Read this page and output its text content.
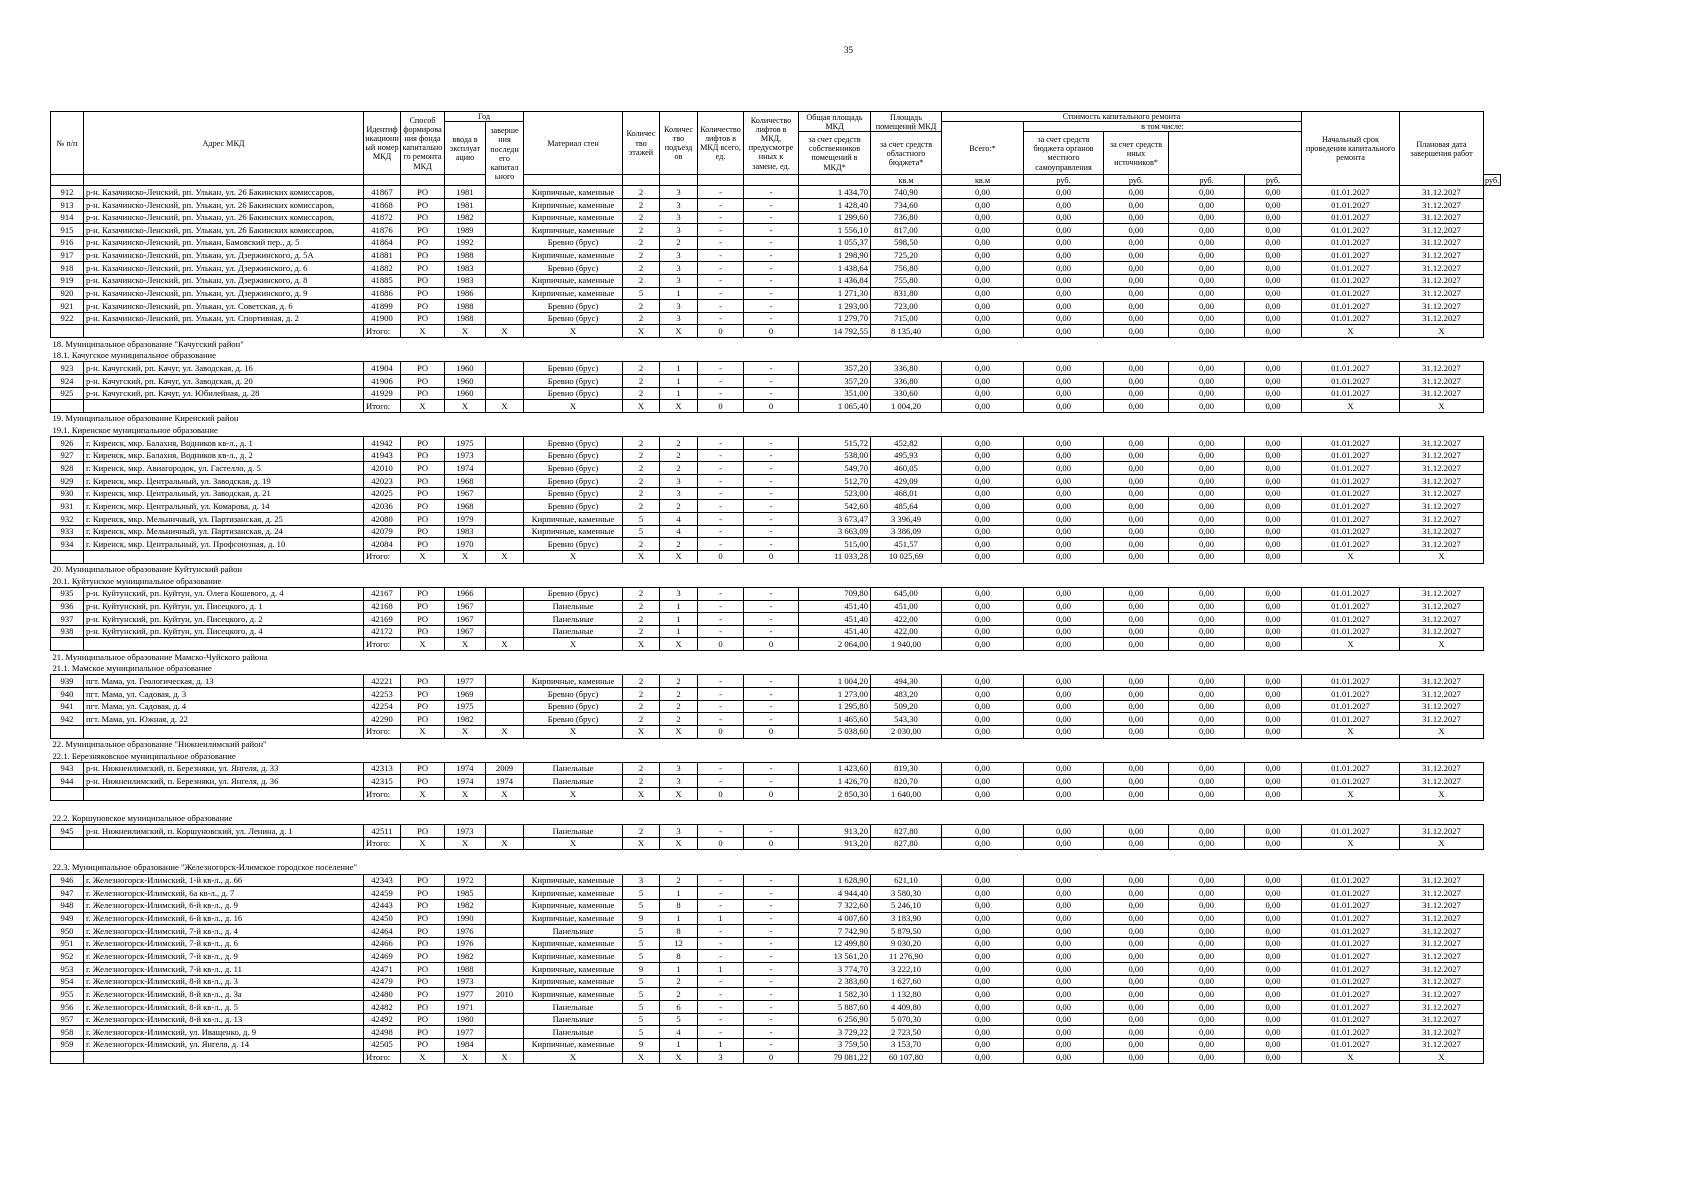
35
№ п/п	Адрес МКД	Идентиф икационн ый номер МКД	Способ формирова ния фонда капитально го ремонта МКД	Год		Материал стен	Количес тво этажей	Количес тво подъезд ов	Количество лифтов в МКД всего, ед.	Количество лифтов в МКД, предусмотре нных к замене, ед.	Общая площадь МКД	Площадь помещений МКД	Стоимость капитального ремонта					Начальный срок проведения капитального ремонта	Плановая дата завершения работ	
				ввода в эксплуат ацию	заверше ния последн его капитал ьного								Всего:*	в том числе:						
											за счет средств собственников помещений в МКД*	за счет средств областного бюджета*		за счет средств бюджета органов местного самоуправления	за счет средств иных источников*					
												кв.м	кв.м	руб.	руб.	руб.	руб.			руб.
912	р-н. Казачинско-Ленский, рп. Улькан, ул. 26 Бакинских комиссаров,	41867	РО	1981		Кирпичные, каменные	2	3	-	-	1 434,70	740,90	0,00	0,00	0,00	0,00	0,00	01.01.2027	31.12.2027	
913	р-н. Казачинско-Ленский, рп. Улькан, ул. 26 Бакинских комиссаров,	41868	РО	1981		Кирпичные, каменные	2	3	-	-	1 428,40	734,60	0,00	0,00	0,00	0,00	0,00	01.01.2027	31.12.2027	
914	р-н. Казачинско-Ленский, рп. Улькан, ул. 26 Бакинских комиссаров,	41872	РО	1982		Кирпичные, каменные	2	3	-	-	1 299,60	736,80	0,00	0,00	0,00	0,00	0,00	01.01.2027	31.12.2027	
915	р-н. Казачинско-Ленский, рп. Улькан, ул. 26 Бакинских комиссаров,	41876	РО	1989		Кирпичные, каменные	2	3	-	-	1 556,10	817,00	0,00	0,00	0,00	0,00	0,00	01.01.2027	31.12.2027	
916	р-н. Казачинско-Ленский, рп. Улькан, Бамовский пер., д. 5	41864	РО	1992		Бревно (брус)	2	2	-	-	1 055,37	598,50	0,00	0,00	0,00	0,00	0,00	01.01.2027	31.12.2027	
917	р-н. Казачинско-Ленский, рп. Улькан, ул. Дзержинского, д. 5А	41881	РО	1988		Кирпичные, каменные	2	3	-	-	1 298,90	725,20	0,00	0,00	0,00	0,00	0,00	01.01.2027	31.12.2027	
918	р-н. Казачинско-Ленский, рп. Улькан, ул. Дзержинского, д. 6	41882	РО	1983		Бревно (брус)	2	3	-	-	1 438,64	756,80	0,00	0,00	0,00	0,00	0,00	01.01.2027	31.12.2027	
919	р-н. Казачинско-Ленский, рп. Улькан, ул. Дзержинского, д. 8	41885	РО	1983		Кирпичные, каменные	2	3	-	-	1 436,84	755,80	0,00	0,00	0,00	0,00	0,00	01.01.2027	31.12.2027	
920	р-н. Казачинско-Ленский, рп. Улькан, ул. Дзержинского, д. 9	41886	РО	1986		Кирпичные, каменные	5	1	-	-	1 271,30	831,80	0,00	0,00	0,00	0,00	0,00	01.01.2027	31.12.2027	
921	р-н. Казачинско-Ленский, рп. Улькан, ул. Советская, д. 6	41899	РО	1988		Бревно (брус)	2	3	-	-	1 293,00	723,00	0,00	0,00	0,00	0,00	0,00	01.01.2027	31.12.2027	
922	р-н. Казачинско-Ленский, рп. Улькан, ул. Спортивная, д. 2	41900	РО	1988		Бревно (брус)	2	3	-	-	1 279,70	715,00	0,00	0,00	0,00	0,00	0,00	01.01.2027	31.12.2027	
		Итого:	X	X	X	X	X	X	0	0	14 792,55	8 135,40	0,00	0,00	0,00	0,00	0,00	X	X	
18. Муниципальное образование "Качугский район"																				
18.1. Качугское муниципальное образование																				
923	р-н. Качугский, рп. Качуг, ул. Заводская, д. 16	41904	РО	1960		Бревно (брус)	2	1	-	-	357,20	336,80	0,00	0,00	0,00	0,00	0,00	01.01.2027	31.12.2027	
924	р-н. Качугский, рп. Качуг, ул. Заводская, д. 20	41906	РО	1960		Бревно (брус)	2	1	-	-	357,20	336,80	0,00	0,00	0,00	0,00	0,00	01.01.2027	31.12.2027	
925	р-н. Качугский, рп. Качуг, ул. Юбилейная, д. 28	41929	РО	1960		Бревно (брус)	2	1	-	-	351,00	330,60	0,00	0,00	0,00	0,00	0,00	01.01.2027	31.12.2027	
		Итого:	X	X	X	X	X	X	0	0	1 065,40	1 004,20	0,00	0,00	0,00	0,00	0,00	X	X	
19. Муниципальное образование Киренский район																				
19.1. Киренское муниципальное образование																				
926	г. Киренск, мкр. Балахня, Водников кв-л., д. 1	41942	РО	1975		Бревно (брус)	2	2	-	-	515,72	452,82	0,00	0,00	0,00	0,00	0,00	01.01.2027	31.12.2027	
927	г. Киренск, мкр. Балахня, Водников кв-л., д. 2	41943	РО	1973		Бревно (брус)	2	2	-	-	538,00	495,93	0,00	0,00	0,00	0,00	0,00	01.01.2027	31.12.2027	
928	г. Киренск, мкр. Авиагородок, ул. Гастелло, д. 5	42010	РО	1974		Бревно (брус)	2	2	-	-	549,70	460,05	0,00	0,00	0,00	0,00	0,00	01.01.2027	31.12.2027	
929	г. Киренск, мкр. Центральный, ул. Заводская, д. 19	42023	РО	1968		Бревно (брус)	2	3	-	-	512,70	429,09	0,00	0,00	0,00	0,00	0,00	01.01.2027	31.12.2027	
930	г. Киренск, мкр. Центральный, ул. Заводская, д. 21	42025	РО	1967		Бревно (брус)	2	3	-	-	523,00	468,01	0,00	0,00	0,00	0,00	0,00	01.01.2027	31.12.2027	
931	г. Киренск, мкр. Центральный, ул. Комарова, д. 14	42036	РО	1968		Бревно (брус)	2	2	-	-	542,60	485,64	0,00	0,00	0,00	0,00	0,00	01.01.2027	31.12.2027	
932	г. Киренск, мкр. Мельничный, ул. Партизанская, д. 25	42080	РО	1979		Кирпичные, каменные	5	4	-	-	3 673,47	3 396,49	0,00	0,00	0,00	0,00	0,00	01.01.2027	31.12.2027	
933	г. Киренск, мкр. Мельничный, ул. Партизанская, д. 24	42079	РО	1983		Кирпичные, каменные	5	4	-	-	3 663,09	3 386,09	0,00	0,00	0,00	0,00	0,00	01.01.2027	31.12.2027	
934	г. Киренск, мкр. Центральный, ул. Профсоюзная, д. 10	42084	РО	1970		Бревно (брус)	2	2	-	-	515,00	451,57	0,00	0,00	0,00	0,00	0,00	01.01.2027	31.12.2027	
		Итого:	X	X	X	X	X	X	0	0	11 033,28	10 025,69	0,00	0,00	0,00	0,00	0,00	X	X	
20. Муниципальное образование Куйтунский район																				
20.1. Куйтунское муниципальное образование																				
935	р-н. Куйтунский, рп. Куйтун, ул. Олега Кошевого, д. 4	42167	РО	1966		Бревно (брус)	2	3	-	-	709,80	645,00	0,00	0,00	0,00	0,00	0,00	01.01.2027	31.12.2027	
936	р-н. Куйтунский, рп. Куйтун, ул. Писецкого, д. 1	42168	РО	1967		Панельные	2	1	-	-	451,40	451,00	0,00	0,00	0,00	0,00	0,00	01.01.2027	31.12.2027	
937	р-н. Куйтунский, рп. Куйтун, ул. Писецкого, д. 2	42169	РО	1967		Панельные	2	1	-	-	451,40	422,00	0,00	0,00	0,00	0,00	0,00	01.01.2027	31.12.2027	
938	р-н. Куйтунский, рп. Куйтун, ул. Писецкого, д. 4	42172	РО	1967		Панельные	2	1	-	-	451,40	422,00	0,00	0,00	0,00	0,00	0,00	01.01.2027	31.12.2027	
		Итого:	X	X	X	X	X	X	0	0	2 064,00	1 940,00	0,00	0,00	0,00	0,00	0,00	X	X	
21. Муниципальное образование Мамско-Чуйского района																				
21.1. Мамское муниципальное образование																				
939	пгт. Мама, ул. Геологическая, д. 13	42221	РО	1977		Кирпичные, каменные	2	2	-	-	1 004,20	494,30	0,00	0,00	0,00	0,00	0,00	01.01.2027	31.12.2027	
940	пгт. Мама, ул. Садовая, д. 3	42253	РО	1969		Бревно (брус)	2	2	-	-	1 273,00	483,20	0,00	0,00	0,00	0,00	0,00	01.01.2027	31.12.2027	
941	пгт. Мама, ул. Садовая, д. 4	42254	РО	1975		Бревно (брус)	2	2	-	-	1 295,80	509,20	0,00	0,00	0,00	0,00	0,00	01.01.2027	31.12.2027	
942	пгт. Мама, ул. Южная, д. 22	42290	РО	1982		Бревно (брус)	2	2	-	-	1 465,60	543,30	0,00	0,00	0,00	0,00	0,00	01.01.2027	31.12.2027	
		Итого:	X	X	X	X	X	X	0	0	5 038,60	2 030,00	0,00	0,00	0,00	0,00	0,00	X	X	
22. Муниципальное образование "Нижнеилимский район"																				
22.1. Березняковское муниципальное образование																				
943	р-н. Нижнеилимский, п. Березняки, ул. Янгеля, д. 33	42313	РО	1974	2009	Панельные	2	3	-	-	1 423,60	819,30	0,00	0,00	0,00	0,00	0,00	01.01.2027	31.12.2027	
944	р-н. Нижнеилимский, п. Березняки, ул. Янгеля, д. 36	42315	РО	1974	1974	Панельные	2	3	-	-	1 426,70	820,70	0,00	0,00	0,00	0,00	0,00	01.01.2027	31.12.2027	
		Итого:	X	X	X	X	X	X	0	0	2 850,30	1 640,00	0,00	0,00	0,00	0,00	0,00	X	X	

22.2. Коршуновское муниципальное образование																				
945	р-н. Нижнеилимский, п. Коршуновский, ул. Ленина, д. 1	42511	РО	1973		Панельные	2	3	-	-	913,20	827,80	0,00	0,00	0,00	0,00	0,00	01.01.2027	31.12.2027	
		Итого:	X	X	X	X	X	X	0	0	913,20	827,80	0,00	0,00	0,00	0,00	0,00	X	X	

22.3. Муниципальное образование "Железногорск-Илимское городское поселение"																				
946	г. Железногорск-Илимский, 1-й кв-л., д. 66	42343	РО	1972		Кирпичные, каменные	3	2	-	-	1 628,90	621,10	0,00	0,00	0,00	0,00	0,00	01.01.2027	31.12.2027	
947	г. Железногорск-Илимский, 6а кв-л., д. 7	42459	РО	1985		Кирпичные, каменные	5	1	-	-	4 944,40	3 580,30	0,00	0,00	0,00	0,00	0,00	01.01.2027	31.12.2027	
948	г. Железногорск-Илимский, 6-й кв-л., д. 9	42443	РО	1982		Кирпичные, каменные	5	8	-	-	7 322,60	5 246,10	0,00	0,00	0,00	0,00	0,00	01.01.2027	31.12.2027	
949	г. Железногорск-Илимский, 6-й кв-л., д. 16	42450	РО	1990		Кирпичные, каменные	9	1	1	-	4 007,60	3 183,90	0,00	0,00	0,00	0,00	0,00	01.01.2027	31.12.2027	
950	г. Железногорск-Илимский, 7-й кв-л., д. 4	42464	РО	1976		Панельные	5	8	-	-	7 742,90	5 879,50	0,00	0,00	0,00	0,00	0,00	01.01.2027	31.12.2027	
951	г. Железногорск-Илимский, 7-й кв-л., д. 6	42466	РО	1976		Кирпичные, каменные	5	12	-	-	12 499,80	9 030,20	0,00	0,00	0,00	0,00	0,00	01.01.2027	31.12.2027	
952	г. Железногорск-Илимский, 7-й кв-л., д. 9	42469	РО	1982		Кирпичные, каменные	5	8	-	-	13 561,20	11 276,90	0,00	0,00	0,00	0,00	0,00	01.01.2027	31.12.2027	
953	г. Железногорск-Илимский, 7-й кв-л., д. 11	42471	РО	1988		Кирпичные, каменные	9	1	1	-	3 774,70	3 222,10	0,00	0,00	0,00	0,00	0,00	01.01.2027	31.12.2027	
954	г. Железногорск-Илимский, 8-й кв-л., д. 3	42479	РО	1973		Кирпичные, каменные	5	2	-	-	2 383,60	1 627,60	0,00	0,00	0,00	0,00	0,00	01.01.2027	31.12.2027	
955	г. Железногорск-Илимский, 8-й кв-л., д. 3а	42480	РО	1977	2010	Кирпичные, каменные	5	2	-	-	1 582,30	1 132,80	0,00	0,00	0,00	0,00	0,00	01.01.2027	31.12.2027	
956	г. Железногорск-Илимский, 8-й кв-л., д. 5	42482	РО	1971		Панельные	5	6	-	-	5 887,60	4 409,80	0,00	0,00	0,00	0,00	0,00	01.01.2027	31.12.2027	
957	г. Железногорск-Илимский, 8-й кв-л., д. 13	42492	РО	1980		Панельные	5	5	-	-	6 256,90	5 070,30	0,00	0,00	0,00	0,00	0,00	01.01.2027	31.12.2027	
958	г. Железногорск-Илимский, ул. Иващенко, д. 9	42498	РО	1977		Панельные	5	4	-	-	3 729,22	2 723,50	0,00	0,00	0,00	0,00	0,00	01.01.2027	31.12.2027	
959	г. Железногорск-Илимский, ул. Янгеля, д. 14	42505	РО	1984		Кирпичные, каменные	9	1	1	-	3 759,50	3 153,70	0,00	0,00	0,00	0,00	0,00	01.01.2027	31.12.2027	
		Итого:	X	X	X	X	X	X	3	0	79 081,22	60 107,80	0,00	0,00	0,00	0,00	0,00	X	X	
